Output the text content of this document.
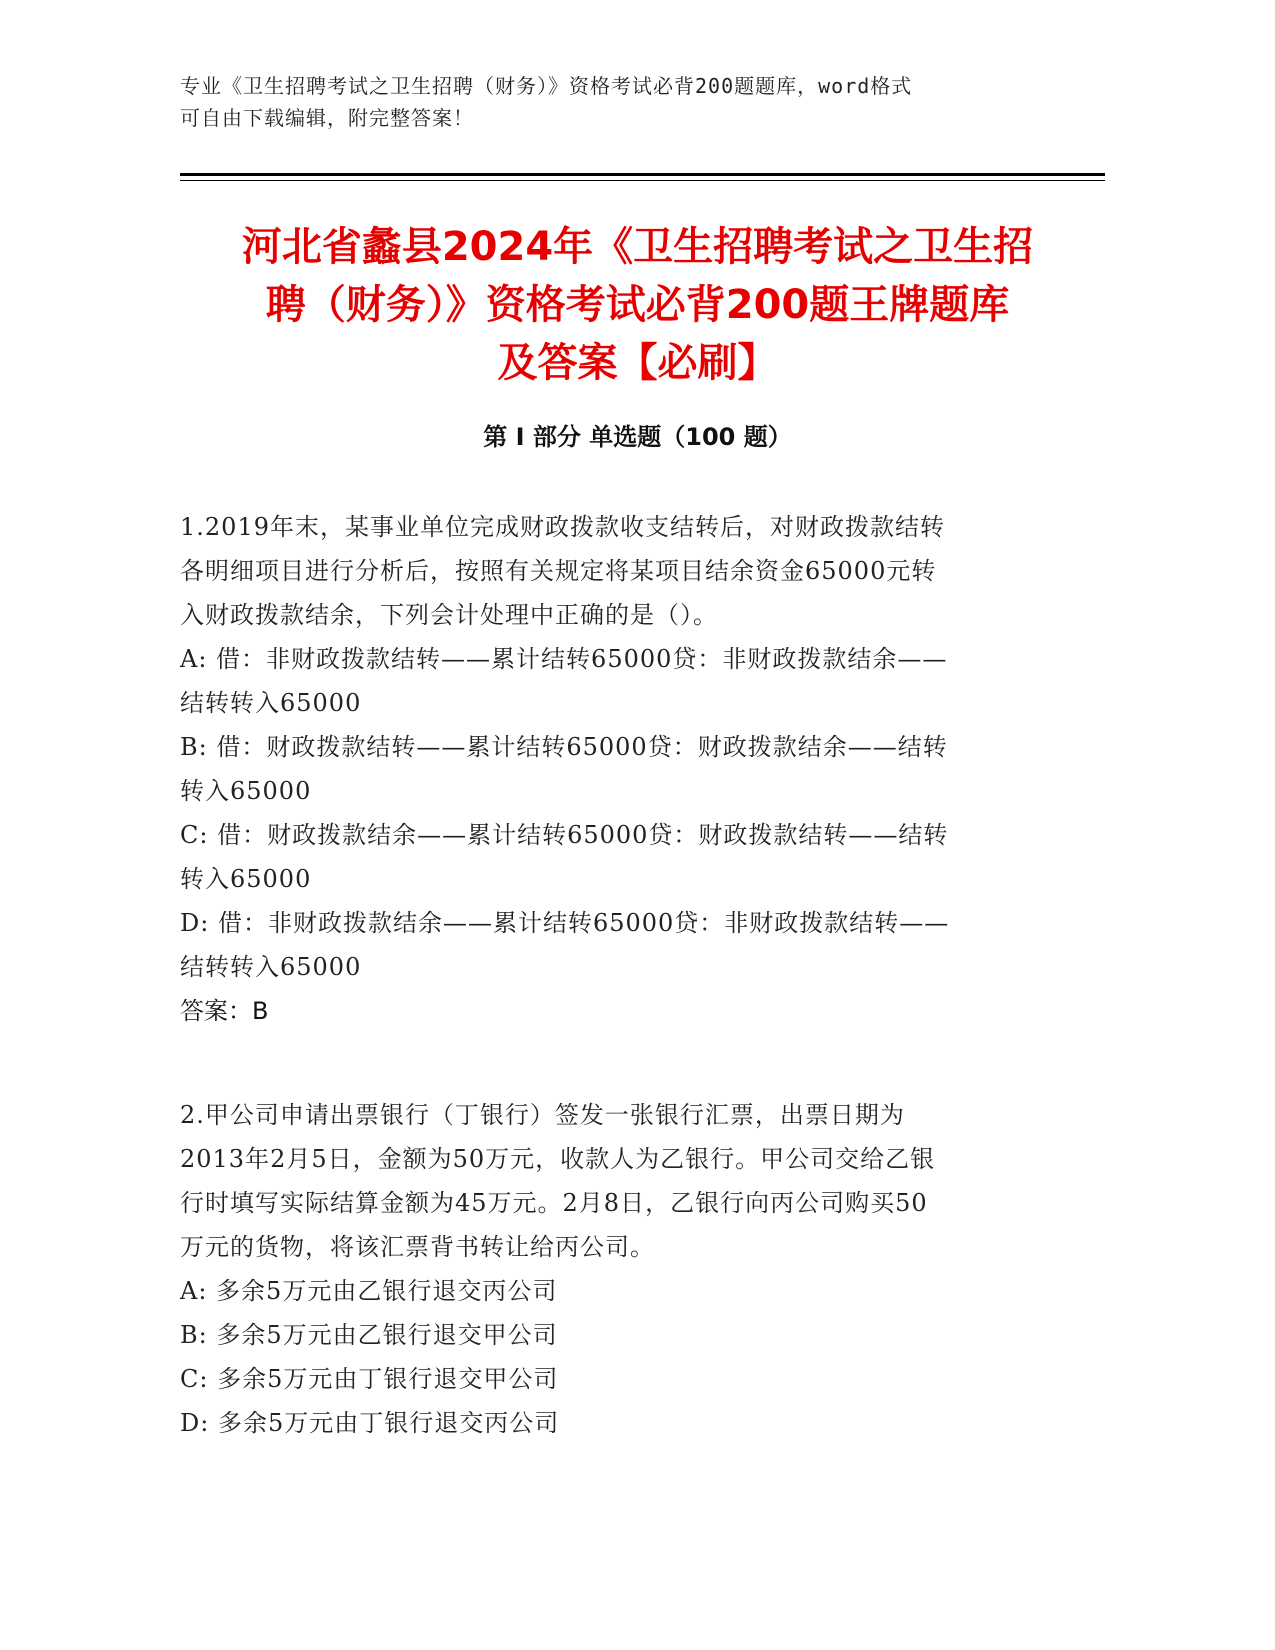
专业《卫生招聘考试之卫生招聘（财务）》资格考试必背200题题库，word格式
可自由下载编辑，附完整答案！
河北省蠡县2024年《卫生招聘考试之卫生招
聘（财务）》资格考试必背200题王牌题库
及答案【必刷】
第 I 部分 单选题（100 题）
1.2019年末，某事业单位完成财政拨款收支结转后，对财政拨款结转
各明细项目进行分析后，按照有关规定将某项目结余资金65000元转
入财政拨款结余，下列会计处理中正确的是（）。
A: 借：非财政拨款结转——累计结转65000贷：非财政拨款结余——
结转转入65000
B: 借：财政拨款结转——累计结转65000贷：财政拨款结余——结转
转入65000
C: 借：财政拨款结余——累计结转65000贷：财政拨款结转——结转
转入65000
D: 借：非财政拨款结余——累计结转65000贷：非财政拨款结转——
结转转入65000
答案：B
2.甲公司申请出票银行（丁银行）签发一张银行汇票，出票日期为
2013年2月5日，金额为50万元，收款人为乙银行。甲公司交给乙银
行时填写实际结算金额为45万元。2月8日，乙银行向丙公司购买50
万元的货物，将该汇票背书转让给丙公司。
A: 多余5万元由乙银行退交丙公司
B: 多余5万元由乙银行退交甲公司
C: 多余5万元由丁银行退交甲公司
D: 多余5万元由丁银行退交丙公司
